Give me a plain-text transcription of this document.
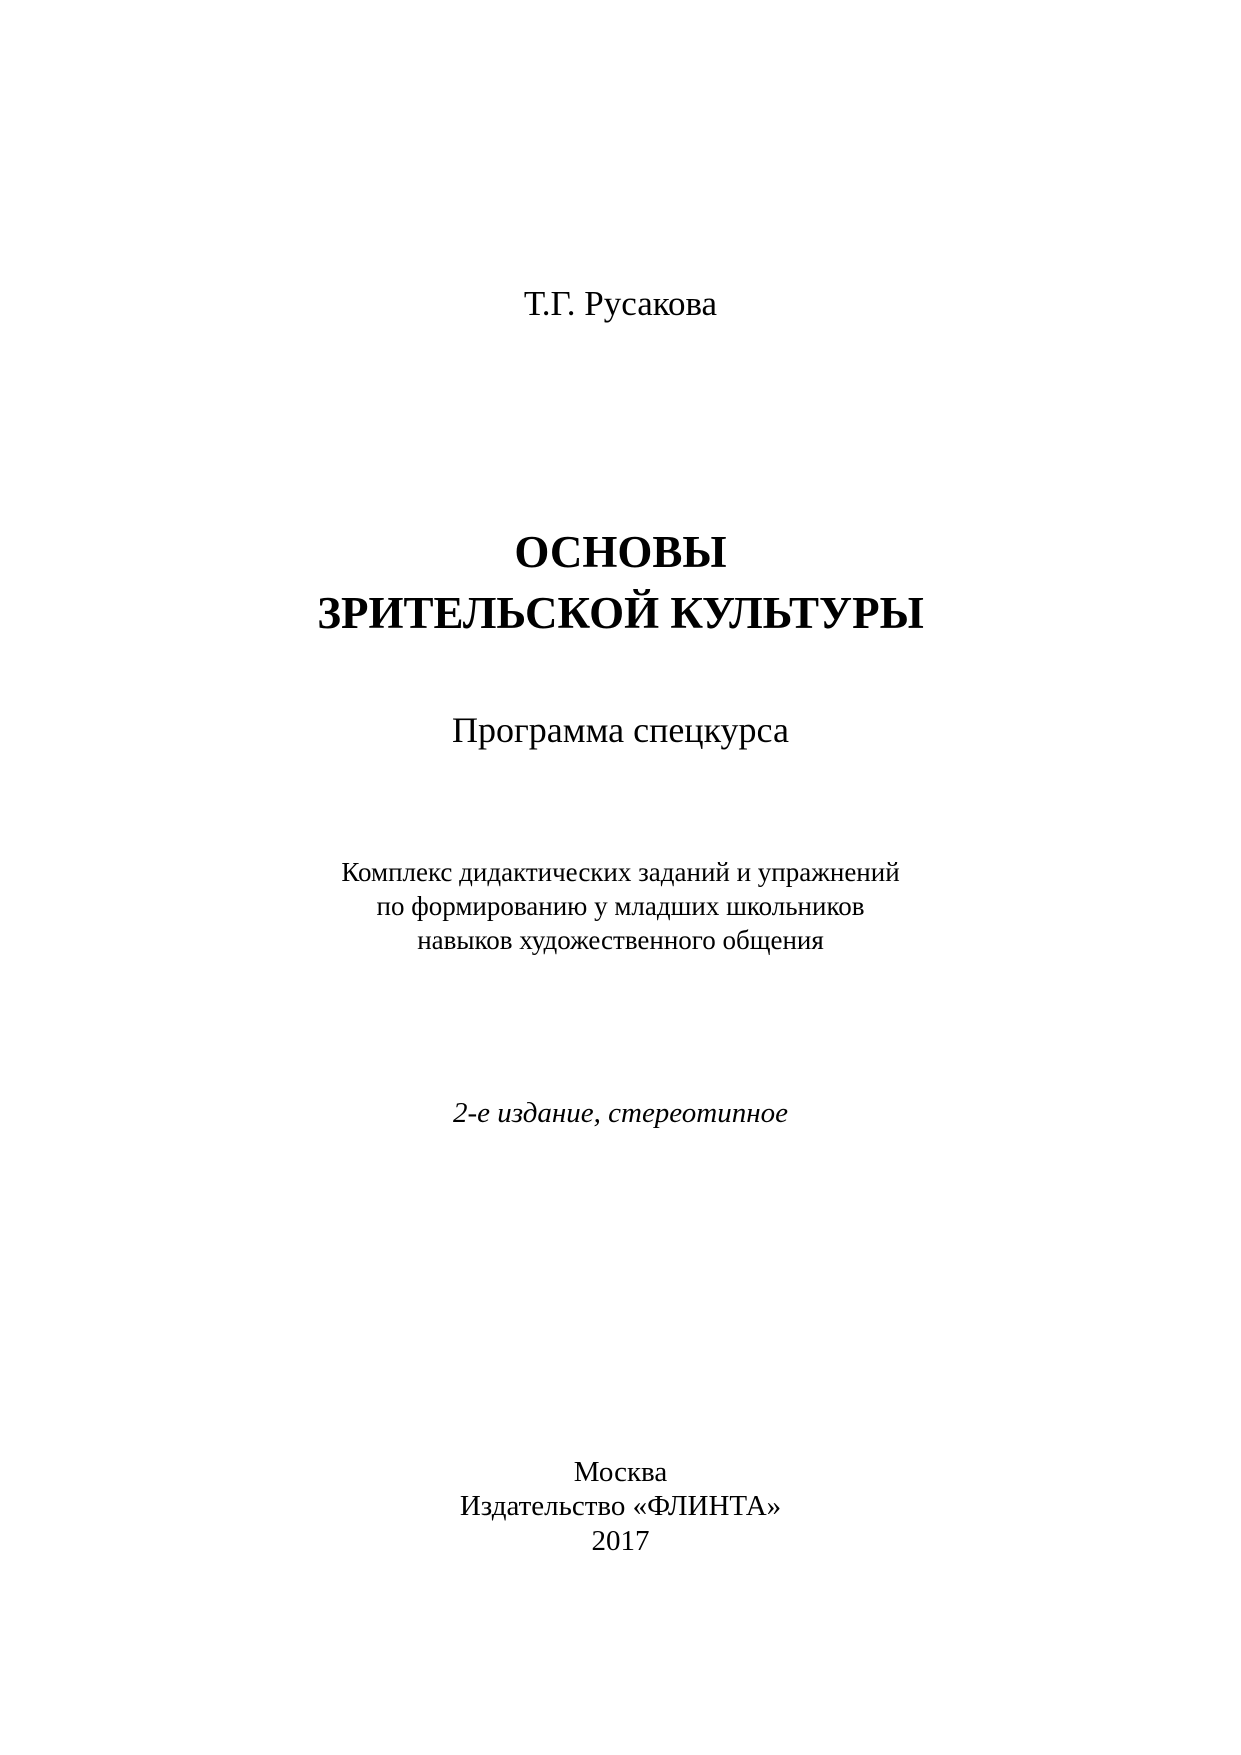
Т.Г. Русакова
ОСНОВЫ
ЗРИТЕЛЬСКОЙ КУЛЬТУРЫ
Программа спецкурса
Комплекс дидактических заданий и упражнений
по формированию у младших школьников
навыков художественного общения
2-е издание, стереотипное
Москва
Издательство «ФЛИНТА»
2017
